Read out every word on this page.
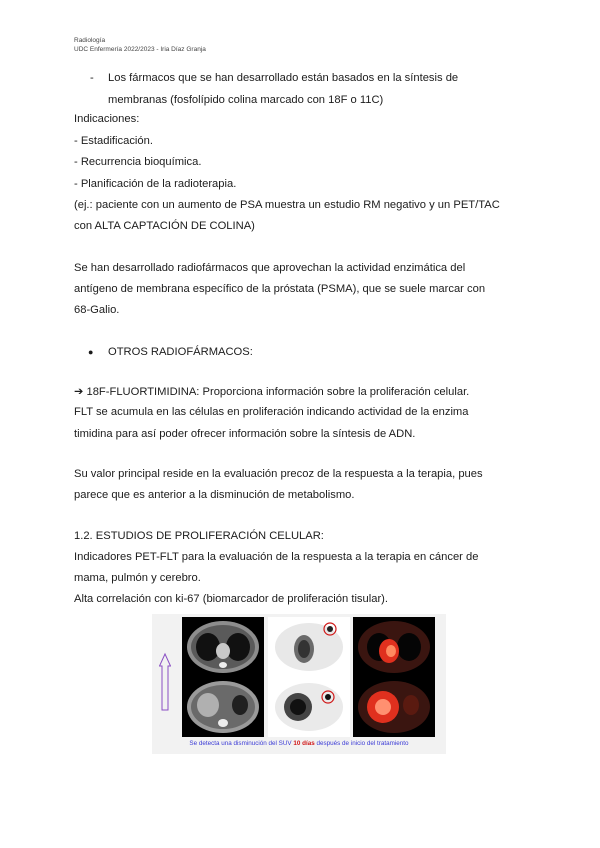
Radiología
UDC Enfermería 2022/2023 - Iria Díaz Granja
- Los fármacos que se han desarrollado están basados en la síntesis de
membranas (fosfolípido colina marcado con 18F o 11C)
Indicaciones:
- Estadificación.
- Recurrencia bioquímica.
- Planificación de la radioterapia.
(ej.: paciente con un aumento de PSA muestra un estudio RM negativo y un PET/TAC
con ALTA CAPTACIÓN DE COLINA)
Se han desarrollado radiofármacos que aprovechan la actividad enzimática del
antígeno de membrana específico de la próstata (PSMA), que se suele marcar con
68-Galio.
● OTROS RADIOFÁRMACOS:
➔ 18F-FLUORTIMIDINA: Proporciona información sobre la proliferación celular.
FLT se acumula en las células en proliferación indicando actividad de la enzima
timidina para así poder ofrecer información sobre la síntesis de ADN.
Su valor principal reside en la evaluación precoz de la respuesta a la terapia, pues
parece que es anterior a la disminución de metabolismo.
1.2. ESTUDIOS DE PROLIFERACIÓN CELULAR:
Indicadores PET-FLT para la evaluación de la respuesta a la terapia en cáncer de
mama, pulmón y cerebro.
Alta correlación con ki-67 (biomarcador de proliferación tisular).
Se detecta una disminución del SUV 10 días después de inicio del tratamiento
